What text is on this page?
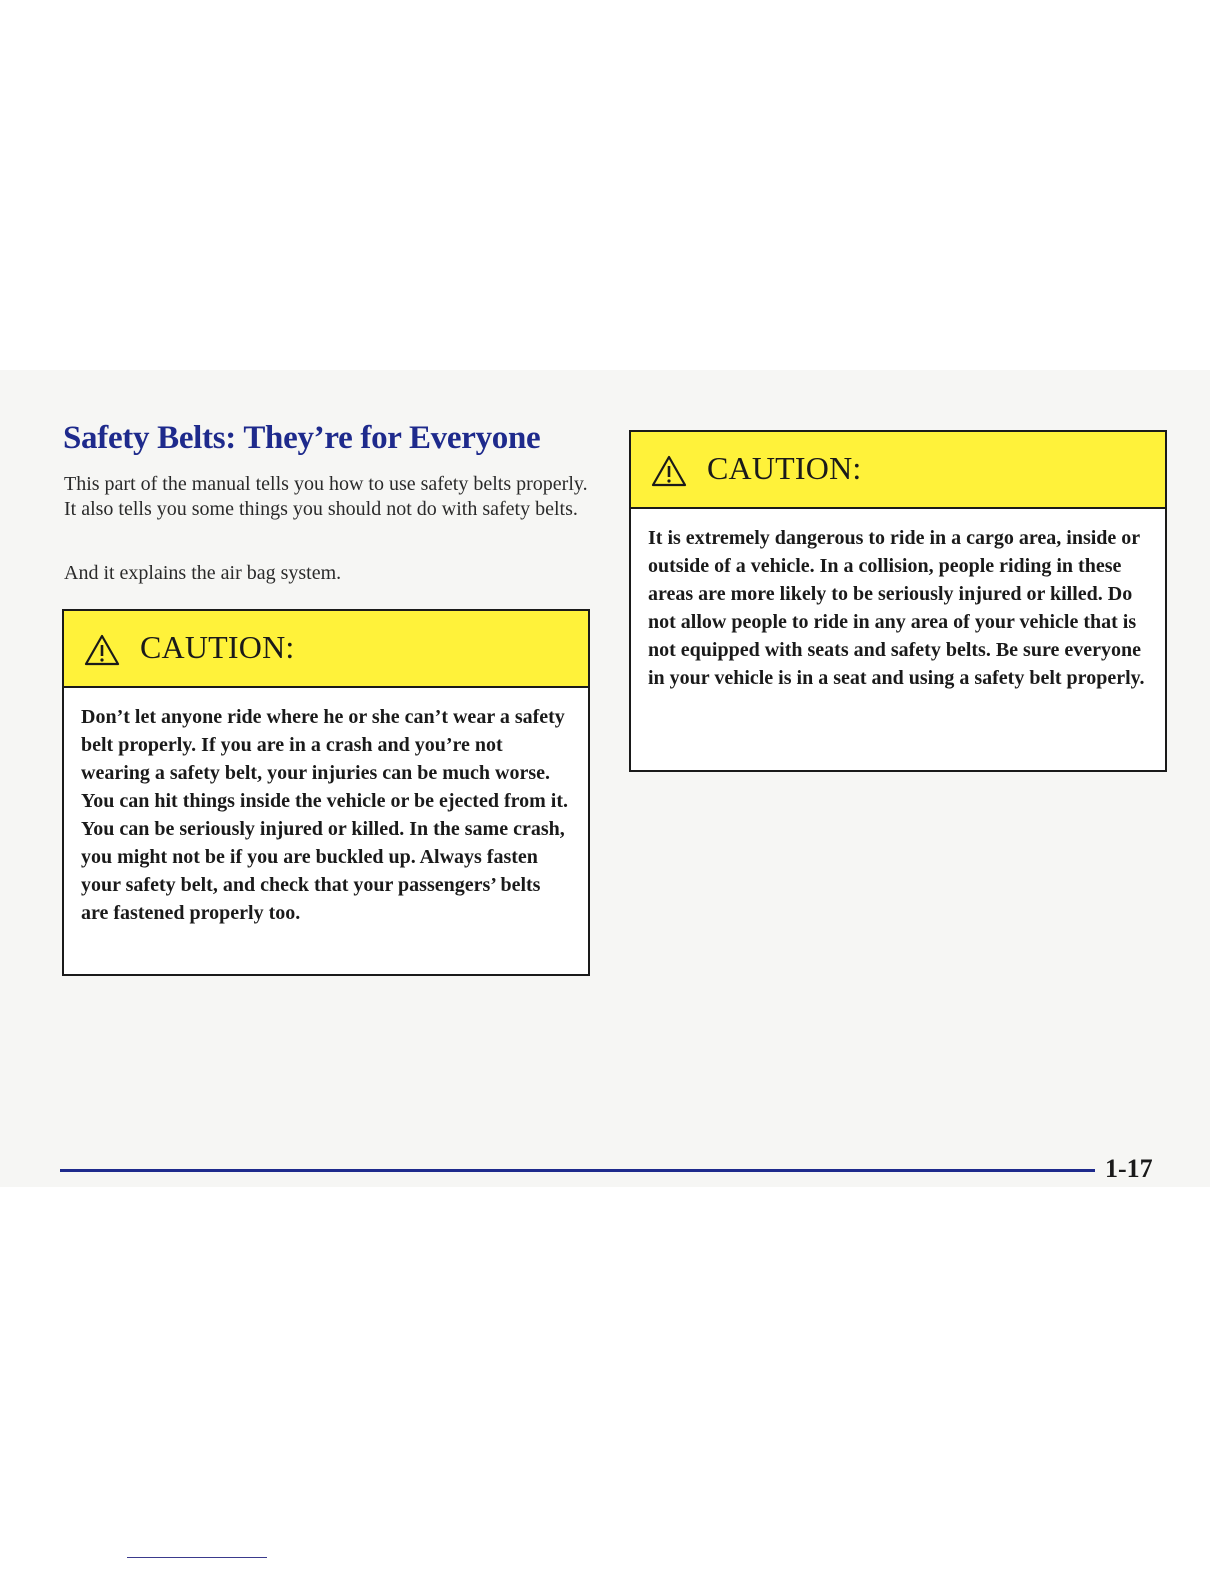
Safety Belts: They’re for Everyone

This part of the manual tells you how to use safety belts properly. It also tells you some things you should not do with safety belts.

And it explains the air bag system.

CAUTION:

Don’t let anyone ride where he or she can’t wear a safety belt properly. If you are in a crash and you’re not wearing a safety belt, your injuries can be much worse. You can hit things inside the vehicle or be ejected from it. You can be seriously injured or killed. In the same crash, you might not be if you are buckled up. Always fasten your safety belt, and check that your passengers’ belts are fastened properly too.

CAUTION:

It is extremely dangerous to ride in a cargo area, inside or outside of a vehicle. In a collision, people riding in these areas are more likely to be seriously injured or killed. Do not allow people to ride in any area of your vehicle that is not equipped with seats and safety belts. Be sure everyone in your vehicle is in a seat and using a safety belt properly.

1-17
